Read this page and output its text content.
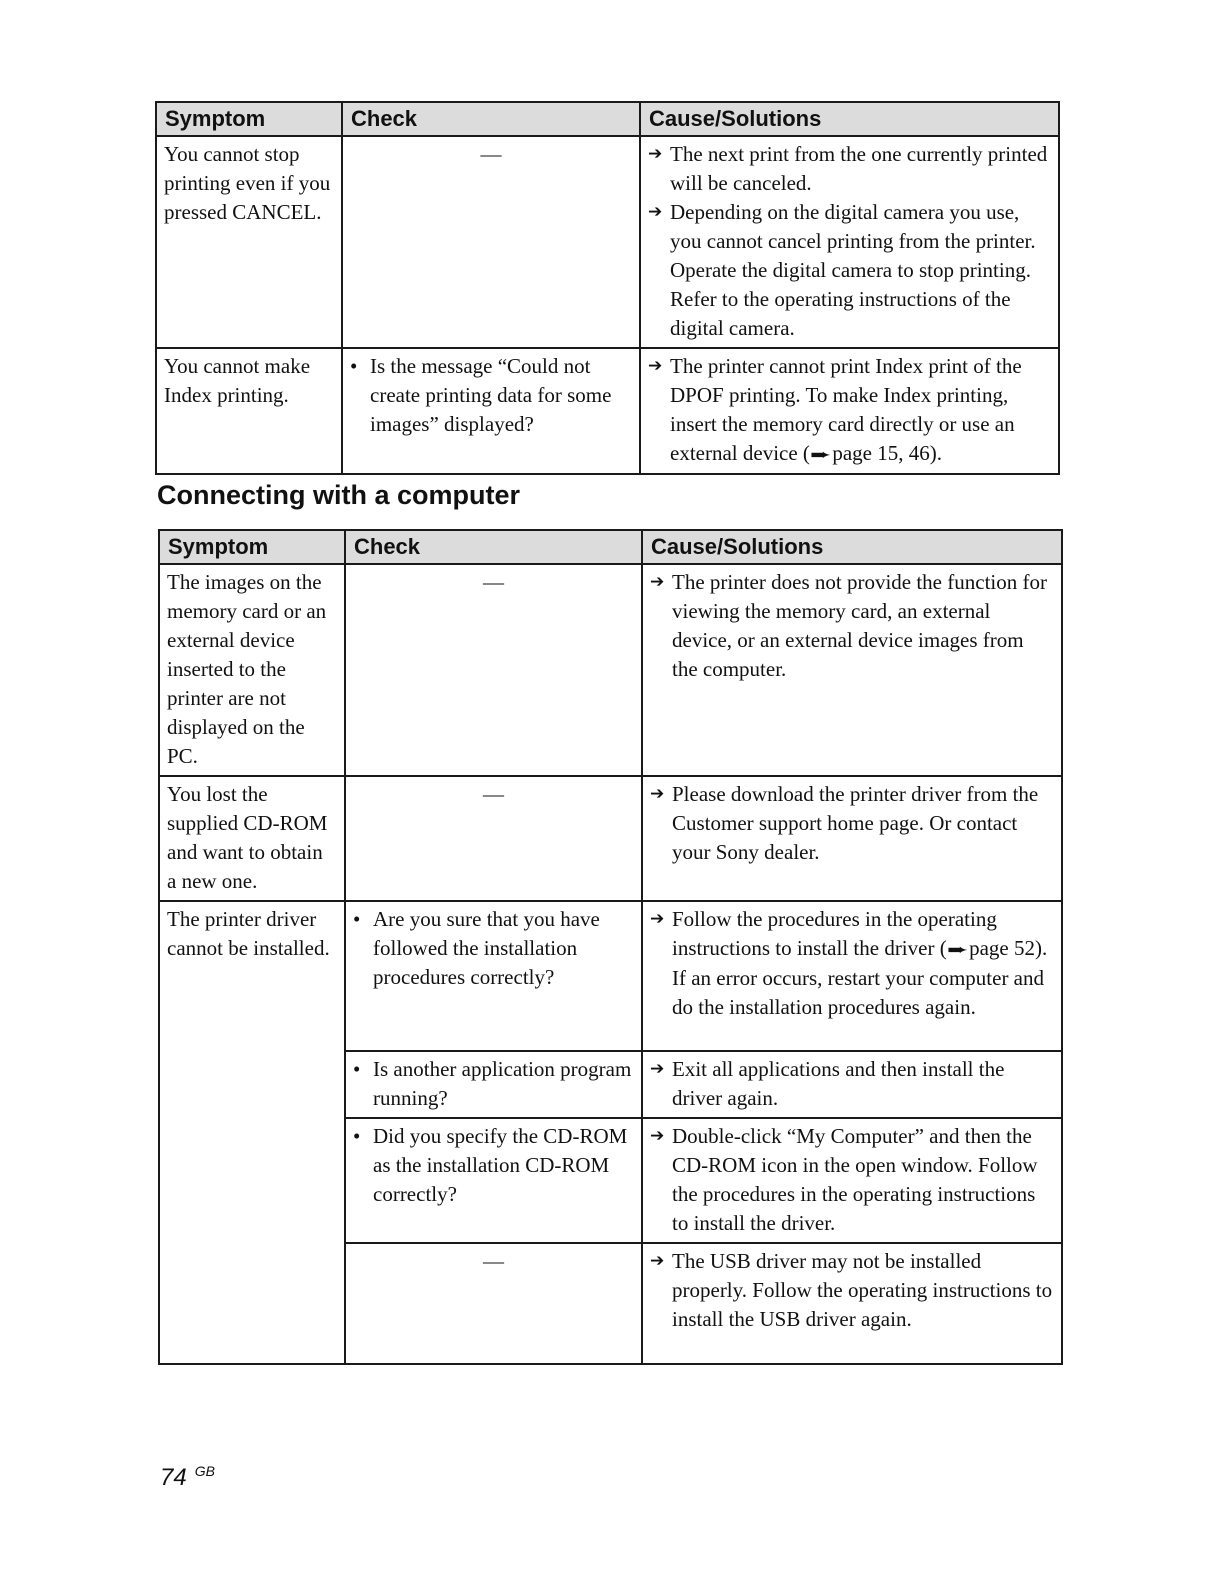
Symptom	Check	Cause/Solutions
You cannot stop printing even if you pressed CANCEL.	—	➔ The next print from the one currently printed will be canceled.
➔ Depending on the digital camera you use, you cannot cancel printing from the printer. Operate the digital camera to stop printing. Refer to the operating instructions of the digital camera.

You cannot make Index printing.	• Is the message “Could not create printing data for some images” displayed?	➔ The printer cannot print Index print of the DPOF printing. To make Index printing, insert the memory card directly or use an external device (➨page 15, 46).
Connecting with a computer
Symptom	Check	Cause/Solutions
The images on the memory card or an external device inserted to the printer are not displayed on the PC.	—	➔ The printer does not provide the function for viewing the memory card, an external device, or an external device images from the computer.

You lost the supplied CD-ROM and want to obtain a new one.	—	➔ Please download the printer driver from the Customer support home page. Or contact your Sony dealer.

The printer driver cannot be installed.	• Are you sure that you have followed the installation procedures correctly?	➔ Follow the procedures in the operating instructions to install the driver (➨page 52). If an error occurs, restart your computer and do the installation procedures again.

	• Is another application program running?	➔ Exit all applications and then install the driver again.

	• Did you specify the CD-ROM as the installation CD-ROM correctly?	➔ Double-click “My Computer” and then the CD-ROM icon in the open window. Follow the procedures in the operating instructions to install the driver.

	—	➔ The USB driver may not be installed properly. Follow the operating instructions to install the USB driver again.
74 $^{GB}$
